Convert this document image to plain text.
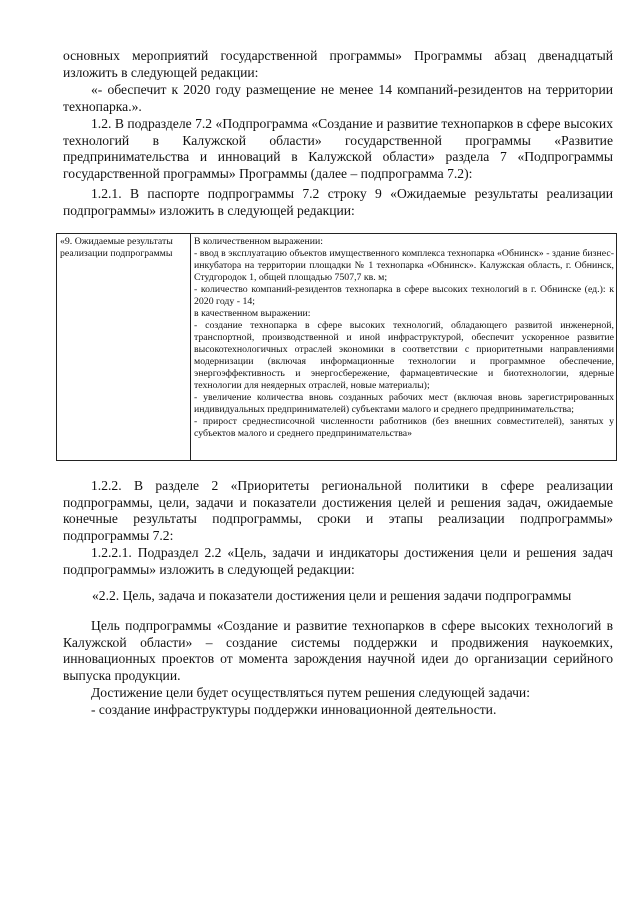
основных мероприятий государственной программы» Программы абзац двенадцатый изложить в следующей редакции:

«- обеспечит к 2020 году размещение не менее 14 компаний-резидентов на территории технопарка.».

1.2. В подразделе 7.2 «Подпрограмма «Создание и развитие технопарков в сфере высоких технологий в Калужской области» государственной программы «Развитие предпринимательства и инноваций в Калужской области» раздела 7 «Подпрограммы государственной программы» Программы (далее – подпрограмма 7.2):

1.2.1. В паспорте подпрограммы 7.2 строку 9 «Ожидаемые результаты реализации подпрограммы» изложить в следующей редакции:

«9. Ожидаемые результаты реализации подпрограммы
В количественном выражении:
- ввод в эксплуатацию объектов имущественного комплекса технопарка «Обнинск» - здание бизнес-инкубатора на территории площадки № 1 технопарка «Обнинск». Калужская область, г. Обнинск, Студгородок 1, общей площадью 7507,7 кв. м;
- количество компаний-резидентов технопарка в сфере высоких технологий в г. Обнинске (ед.): к 2020 году - 14;
в качественном выражении:
- создание технопарка в сфере высоких технологий, обладающего развитой инженерной, транспортной, производственной и иной инфраструктурой, обеспечит ускоренное развитие высокотехнологичных отраслей экономики в соответствии с приоритетными направлениями модернизации (включая информационные технологии и программное обеспечение, энергоэффективность и энергосбережение, фармацевтические и биотехнологии, ядерные технологии для неядерных отраслей, новые материалы);
- увеличение количества вновь созданных рабочих мест (включая вновь зарегистрированных индивидуальных предпринимателей) субъектами малого и среднего предпринимательства;
- прирост среднесписочной численности работников (без внешних совместителей), занятых у субъектов малого и среднего предпринимательства»

1.2.2. В разделе 2 «Приоритеты региональной политики в сфере реализации подпрограммы, цели, задачи и показатели достижения целей и решения задач, ожидаемые конечные результаты подпрограммы, сроки и этапы реализации подпрограммы» подпрограммы 7.2:

1.2.2.1. Подраздел 2.2 «Цель, задачи и индикаторы достижения цели и решения задач подпрограммы» изложить в следующей редакции:

«2.2. Цель, задача и показатели достижения цели и решения задачи подпрограммы

Цель подпрограммы «Создание и развитие технопарков в сфере высоких технологий в Калужской области» – создание системы поддержки и продвижения наукоемких, инновационных проектов от момента зарождения научной идеи до организации серийного выпуска продукции.

Достижение цели будет осуществляться путем решения следующей задачи:

- создание инфраструктуры поддержки инновационной деятельности.
